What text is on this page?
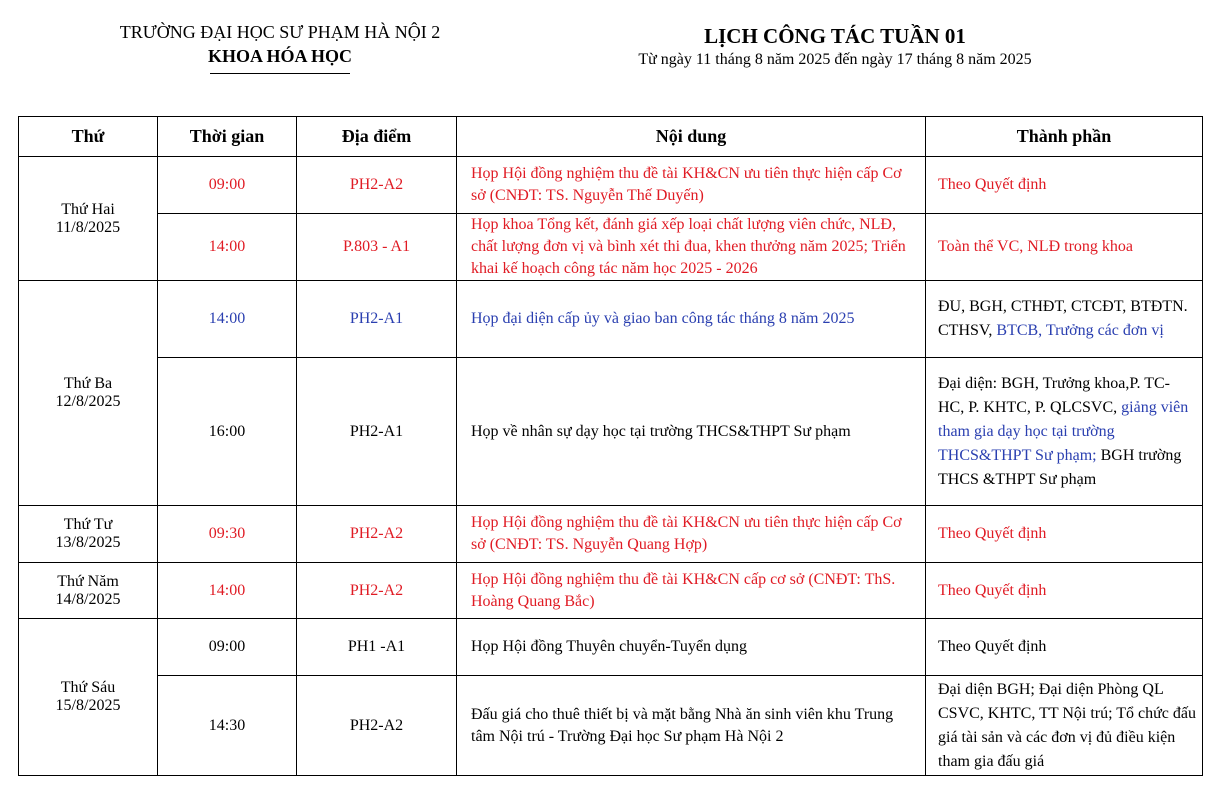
TRƯỜNG ĐẠI HỌC SƯ PHẠM HÀ NỘI 2
KHOA HÓA HỌC
LỊCH CÔNG TÁC TUẦN 01
Từ ngày 11 tháng 8 năm 2025 đến ngày 17 tháng 8 năm 2025
Thứ	Thời gian	Địa điểm	Nội dung	Thành phần

Thứ Hai
11/8/2025	09:00	PH2-A2	Họp Hội đồng nghiệm thu đề tài KH&CN ưu tiên thực hiện cấp Cơ sở (CNĐT: TS. Nguyễn Thế Duyến)	Theo Quyết định
	14:00	P.803 - A1	Họp khoa Tổng kết, đánh giá xếp loại chất lượng viên chức, NLĐ, chất lượng đơn vị và bình xét thi đua, khen thưởng năm 2025; Triển khai kế hoạch công tác năm học 2025 - 2026	Toàn thể VC, NLĐ trong khoa

Thứ Ba
12/8/2025	14:00	PH2-A1	Họp đại diện cấp ủy và giao ban công tác tháng 8 năm 2025	ĐU, BGH, CTHĐT, CTCĐT, BTĐTN. CTHSV, BTCB, Trưởng các đơn vị
	16:00	PH2-A1	Họp về nhân sự dạy học tại trường THCS&THPT Sư phạm	Đại diện: BGH, Trưởng khoa,P. TC-HC, P. KHTC, P. QLCSVC, giảng viên tham gia dạy học tại trường THCS&THPT Sư phạm; BGH trường THCS &THPT Sư phạm

Thứ Tư
13/8/2025	09:30	PH2-A2	Họp Hội đồng nghiệm thu đề tài KH&CN ưu tiên thực hiện cấp Cơ sở (CNĐT: TS. Nguyễn Quang Hợp)	Theo Quyết định

Thứ Năm
14/8/2025	14:00	PH2-A2	Họp Hội đồng nghiệm thu đề tài KH&CN cấp cơ sở (CNĐT: ThS. Hoàng Quang Bắc)	Theo Quyết định

Thứ Sáu
15/8/2025	09:00	PH1 -A1	Họp Hội đồng Thuyên chuyển-Tuyển dụng	Theo Quyết định
	14:30	PH2-A2	Đấu giá cho thuê thiết bị và mặt bằng Nhà ăn sinh viên khu Trung tâm Nội trú - Trường Đại học Sư phạm Hà Nội 2	Đại diện BGH; Đại diện Phòng QL CSVC, KHTC, TT Nội trú; Tổ chức đấu giá tài sản và các đơn vị đủ điều kiện tham gia đấu giá
